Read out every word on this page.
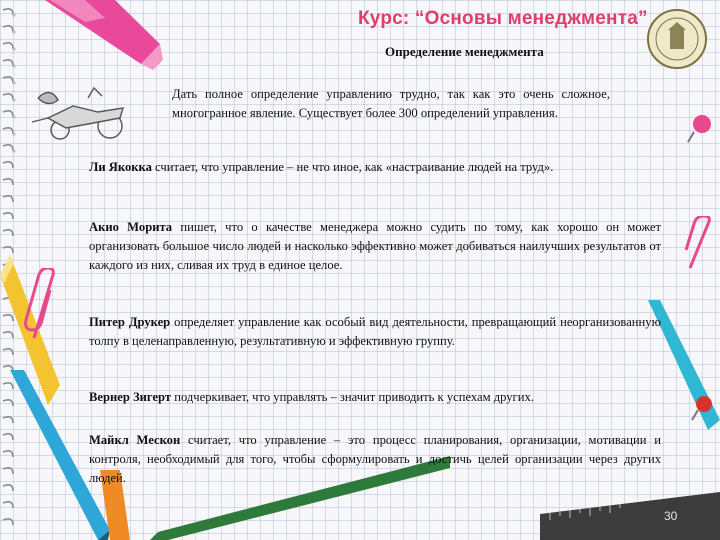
Курс: “Основы менеджмента”
Определение менеджмента

Дать полное определение управлению трудно, так как это очень сложное, многогранное явление. Существует более 300 определений управления.

Ли Якокка считает, что управление – не что иное, как «настраивание людей на труд».

Акио Морита пишет, что о качестве менеджера можно судить по тому, как хорошо он может организовать большое число людей и насколько эффективно может добиваться наилучших результатов от каждого из них, сливая их труд в единое целое.

Питер Друкер определяет управление как особый вид деятельности, превращающий неорганизованную толпу в целенаправленную, результативную и эффективную группу.

Вернер Зигерт подчеркивает, что управлять – значит приводить к успехам других.

Майкл Мескон считает, что управление – это процесс планирования, организации, мотивации и контроля, необходимый для того, чтобы сформулировать и достичь целей организации через других людей.

30
